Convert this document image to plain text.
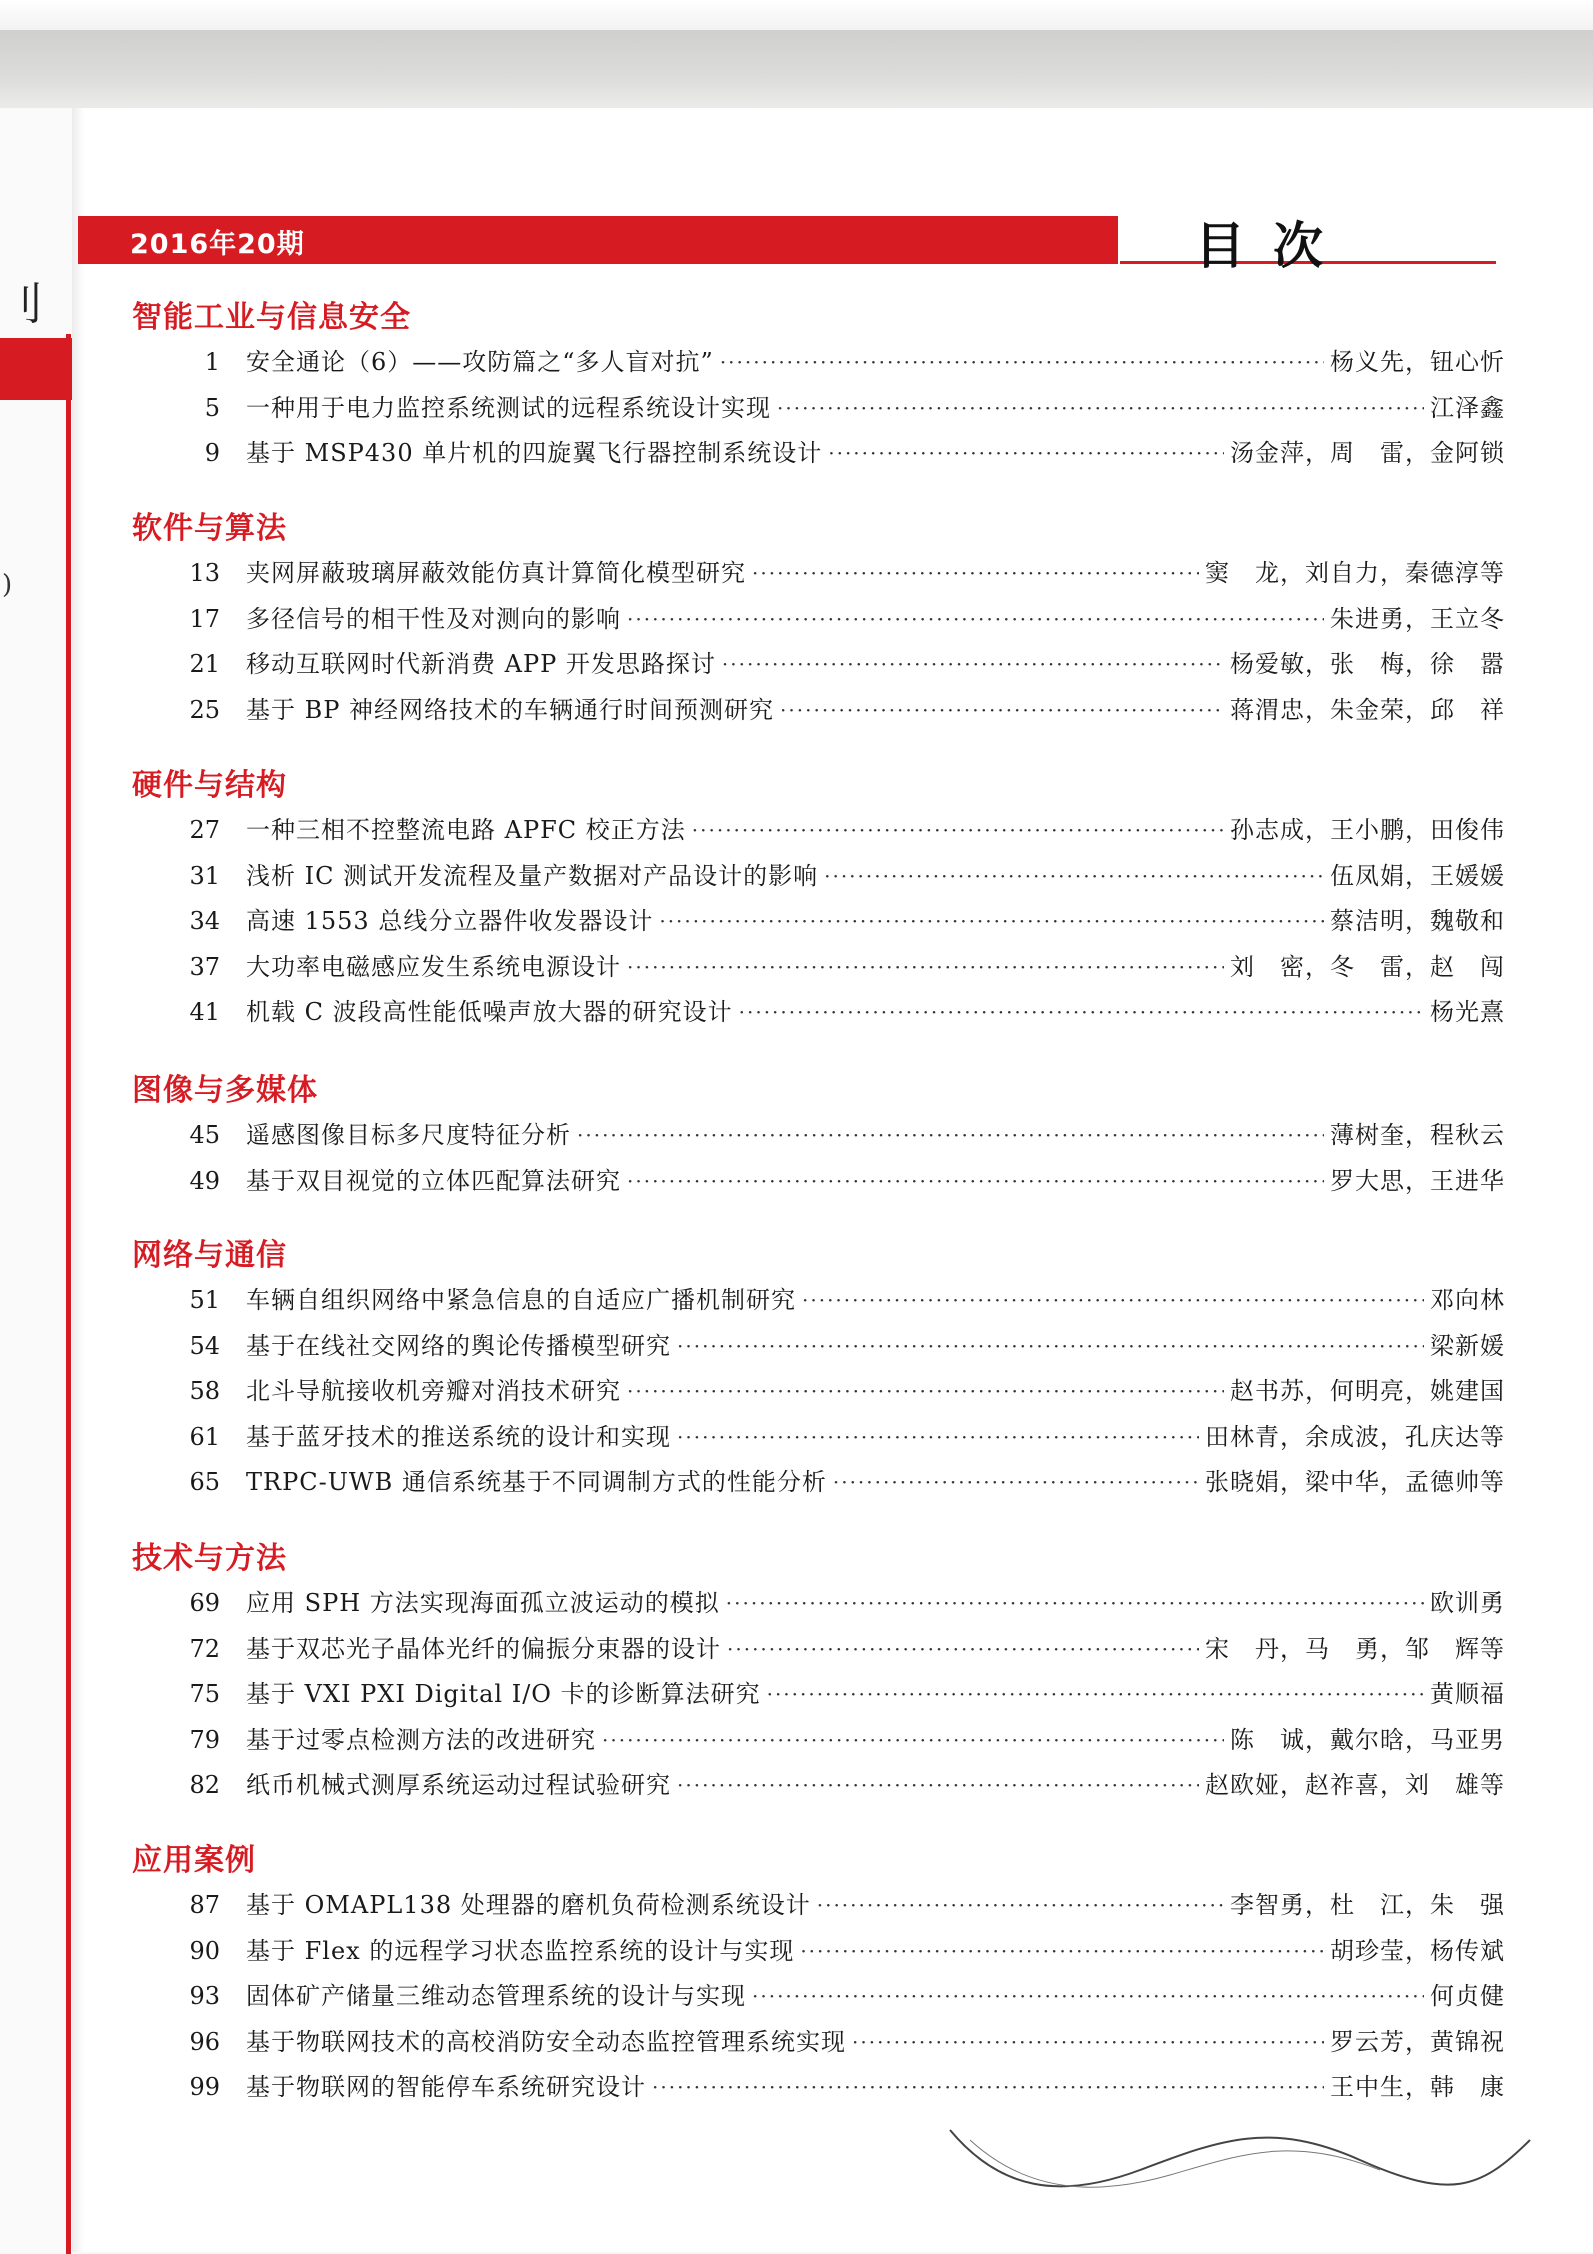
刂
)
2016年20期	目次
智能工业与信息安全
1 安全通论（6）——攻防篇之“多人盲对抗” ·····	杨义先，钮心忻
5 一种用于电力监控系统测试的远程系统设计实现 ·····	江泽鑫
9 基于 MSP430 单片机的四旋翼飞行器控制系统设计 ·····	汤金萍，周　雷，金阿锁
软件与算法
13 夹网屏蔽玻璃屏蔽效能仿真计算简化模型研究 ·····	窦　龙，刘自力，秦德淳等
17 多径信号的相干性及对测向的影响 ·····	朱进勇，王立冬
21 移动互联网时代新消费 APP 开发思路探讨 ·····	杨爱敏，张　梅，徐　嚣
25 基于 BP 神经网络技术的车辆通行时间预测研究 ·····	蒋渭忠，朱金荣，邱　祥
硬件与结构
27 一种三相不控整流电路 APFC 校正方法 ·····	孙志成，王小鹏，田俊伟
31 浅析 IC 测试开发流程及量产数据对产品设计的影响 ·····	伍凤娟，王媛媛
34 高速 1553 总线分立器件收发器设计 ·····	蔡洁明，魏敬和
37 大功率电磁感应发生系统电源设计 ·····	刘　密，冬　雷，赵　闯
41 机载 C 波段高性能低噪声放大器的研究设计 ·····	杨光熹
图像与多媒体
45 遥感图像目标多尺度特征分析 ·····	薄树奎，程秋云
49 基于双目视觉的立体匹配算法研究 ·····	罗大思，王进华
网络与通信
51 车辆自组织网络中紧急信息的自适应广播机制研究 ·····	邓向林
54 基于在线社交网络的舆论传播模型研究 ·····	梁新媛
58 北斗导航接收机旁瓣对消技术研究 ·····	赵书苏，何明亮，姚建国
61 基于蓝牙技术的推送系统的设计和实现 ·····	田林青，余成波，孔庆达等
65 TRPC-UWB 通信系统基于不同调制方式的性能分析 ·····	张晓娟，梁中华，孟德帅等
技术与方法
69 应用 SPH 方法实现海面孤立波运动的模拟 ·····	欧训勇
72 基于双芯光子晶体光纤的偏振分束器的设计 ·····	宋　丹，马　勇，邹　辉等
75 基于 VXI PXI Digital I/O 卡的诊断算法研究 ·····	黄顺福
79 基于过零点检测方法的改进研究 ·····	陈　诚，戴尔晗，马亚男
82 纸币机械式测厚系统运动过程试验研究 ·····	赵欧娅，赵祚喜，刘　雄等
应用案例
87 基于 OMAPL138 处理器的磨机负荷检测系统设计 ·····	李智勇，杜　江，朱　强
90 基于 Flex 的远程学习状态监控系统的设计与实现 ·····	胡珍莹，杨传斌
93 固体矿产储量三维动态管理系统的设计与实现 ·····	何贞健
96 基于物联网技术的高校消防安全动态监控管理系统实现 ·····	罗云芳，黄锦祝
99 基于物联网的智能停车系统研究设计 ·····	王中生，韩　康
